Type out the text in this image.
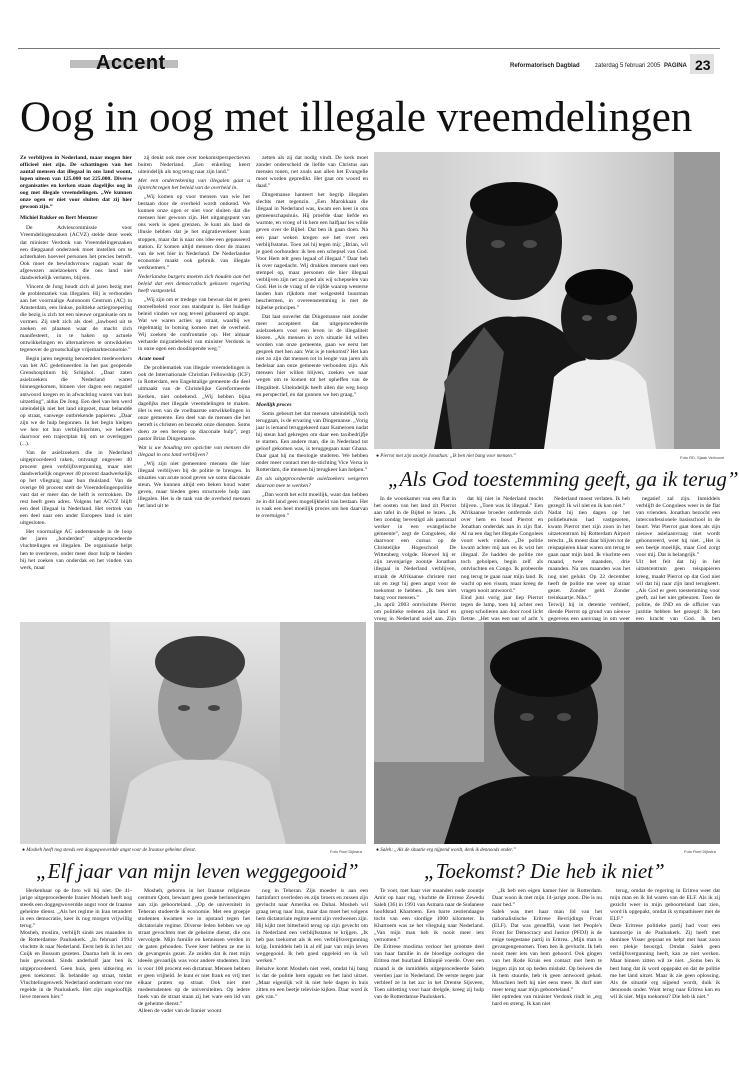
Accent	Reformatorisch Dagblad	zaterdag 5 februari 2005 PAGINA 23
Oog in oog met illegale vreemdelingen

Ze verblijven in Nederland, maar mogen hier officieel niet zijn. De schattingen van het aantal mensen dat illegaal in ons land woont, lopen uiteen van 125.000 tot 225.000. Diverse organisaties en kerken staan dagelijks oog in oog met illegale vreemdelingen. „We kunnen onze ogen er niet voor sluiten dat zij hier gewoon zijn.”

Michiel Bakker en Bert Mentzer

De Adviescommissie voor Vreemdelingenzaken (ACVZ) stelde deze week dat minister Verdonk van Vreemdelingenzaken een diepgaand onderzoek moet instellen om te achterhalen hoeveel personen het precies betreft. Ook moet de bewindsvrouw nagaan waar de afgewezen asielzoekers die ons land niet daadwerkelijk verlaten, blijven.

Vincent de Jong houdt zich al jaren bezig met de problematiek van illegalen. Hij is verbonden aan het voormalige Autonoom Centrum (AC) in Amsterdam, een linkse, politieke actiegroepering die bezig is zich tot een nieuwe organisatie om te vormen. Zij stelt zich als doel „lawboed uit te zoeken en plaatsen waar de macht zich manifesteert, in te haken op actuele ontwikkelingen en alternatieven te ontwikkelen tegenover de grootschalige vrijemarkteconomie.”

Begin jaren negentig benoemden medewerkers van het AC gedetineerden in het pas geopende Grenshospitium bij Schiphol. „Daar zaten asielzoekers die Nederland waren binnengekomen, binnen vier dagen een negatief antwoord kregen en in afwachting waren van hun uitzetting”, aldus De Jong. Een deel van hen werd uiteindelijk niet het land uitgezet, maar belandde op straat, vanwege ontbrekende papieren. „Daar zijn we de hulp begonnen. In het begin hielpen we hen tot hun verblijfsrechten, we hebben daarvoor een trajectplan bij om te overleggen (...).

Van de asielzoekers die in Nederland uitgeprocedeerd raken, ontvangt ongeveer 40 procent geen verblijfsvergunning, maar niet daadwerkelijk ongeveer 40 procent daadwerkelijk op het vliegtuig naar hun thuisland. Van de overige 60 procent stelt de Vreemdelingenpolitie vast dat er meer dan de helft is vertrokken. De rest heeft geen adres. Volgens het ACVZ blijft een deel illegaal in Nederland. Het vertrek van een deel naar een ander Europees land is niet uitgesloten.

Het voormalige AC ondersteunde in de loop der jaren „honderden” uitgeprocedeerde vluchtelingen en illegalen. De organisatie helpt hen te overleven, onder meer door hulp te bieden bij het zoeken van onderdak en het vinden van werk, maar

zij denkt ook mee over toekomstperspectieven buiten Nederland. „Een enkeling keert uiteindelijk als nog terug naar zijn land.”

Met een ondertekening van illegalen gaat u lijnrecht tegen het beleid van de overheid in.

„Wij komen op voor mensen van wie het bestaan door de overheid wordt ontkend. We kunnen onze ogen er niet voor sluiten dat die mensen hier gewoon zijn. Het uitgangspunt van ons werk is open grenzen. Je kunt als land de illusie hebben dat je het migratieverkeer kunt stoppen, maar dat is naar ons idee een gepasseerd station. Er komen altijd mensen door de mazen van de wet hier in Nederland. De Nederlandse economie maakt ook gebruik van illegale werknemers.”

Nederlandse burgers moeten zich houden aan het beleid dat een democratisch gekozen regering heeft vastgesteld.

„Wij zijn om er tredege van bewust dat er geen moreelbeleid voor ons standpunt is. Het huidige beleid vinden we nog teveel gebaseerd op angst. Wat we waren acties op straat, waarbij we regelmatig in botsing komen met de overheid. Wij zoeken de confrontatie op. Het almaar verharde migratiebeleid van minister Verdonk is in onze ogen een doodlopende weg.”

Acute nood

De problematiek van illegale vreemdelingen is ook de Internationale Christian Fellowship (ICF) in Rotterdam, een Engelstalige gemeente die deel uitmaakt van de Christelijke Gereformeerde Kerken, niet onbekend. „Wij hebben bijna dagelijks met illegale vreemdelingen te maken. Het is een van de voelbaarste ontwikkelingen in onze gemeente. Een deel van de mensen die het betreft is christen en bezoekt onze diensten. Soms doen ze een beroep op diaconale hulp”, zegt pastor Brian Dingemanse.

Wat is uw houding ten opzichte van mensen die illegaal in ons land verblijven?

„Wij zijn niet gemeenten mensen die hier illegaal verblijven bij de politie te brengen. In situaties van acute nood geven we soms diaconale steun. We kunnen altijd een beken koud water geven, maar bieden geen structurele hulp aan illegalen. Het is de taak van de overheid mensen het land uit te

zetten als zij dat nodig vindt. De kerk moet zonder onderscheid de liefde van Christus aan mensen tonen, net zoals aan allen het Evangelie moet worden gepredikt. Het gaat om woord en daad.”

Dingemanse hanteert het begrip illegalen slechts met tegenzin. „Een Marokkaan die illegaal in Nederland was, kwam een keer in ons gemeenschapshuis. Hij proefde daar liefde en warmte, en vroeg of ik hem een halfjaar les wilde geven over de Bijbel. Dat ben ik gaan doen. Na een paar weken kregen we het over een verblijfsstatus. Toen zei hij tegen mij: „Brian, wil je goed oorhouden: ik ben een schepsel van God. Voor Hem telt geen legaal of illegaal.” Daar heb ik over nagedacht. Wij drukken mensen snel een stempel op, maar personen die hier illegaal verblijven zijn net zo goed als wij schepselen van God. Het is de vraag of de vijfde waarop westerse landen hun rijkdom met welgesteld buurman beschermen, in overeenstemming is met de bijbelse principes.”

Dat laat onverlet dat Dingemanse niet zonder meer accepteert dat uitgeprocedeerde asielzoekers voor een leven in de illegaliteit kiezen. „Als mensen in zo'n situatie lid willen worden van onze gemeente, gaan we eerst het gesprek met hen aan: Wat is je toekomst? Het kan niet zo zijn dat mensen tot in lengte van jaren als bedelaar aan onze gemeente verbonden zijn. Als mensen hier willen blijven, zoeken we naar wegen om te komen tot het opheffen van de illegaliteit. Uiteindelijk heeft allen die weg hoop en perspectief, en dat gunnen we hen graag.”

Moeilijk proces

Soms gebeurt het dat mensen uiteindelijk toch teruggaan, is de ervaring van Dingemanse. „Vorig jaar is iemand teruggekeerd naar Kameroen nadat hij steun had gekregen om daar een taxibedrijfje te starten. Een andere man, die in Nederland tot geloof gekomen was, is teruggegaan naar Ghana. Daar gaat hij nu theologie studeren. We hebben onder meer contact met de stichting Vice Versa in Rotterdam, die mensen bij terugkeer kan helpen.”

En als uitgeprocedeerde asielzoekers weigeren daarvan mee te werken?

„Dan wordt het echt moeilijk, want dan hebben ze in dit land geen mogelijkheid van bestaan. Het is vaak een heel moeilijk proces om hen daarvan te overtuigen.”

● Pierrot met zijn zoontje Jonathan: „Ik ben niet bang voor mensen.”	Foto RD, Sjaak Verboom
„Als God toestemming geeft, ga ik terug”

In de woonkamer van een flat in het oosten van het land zit Pierrot aan tafel in de Bijbel te lezen. „Ik ben zondag bevestigd als pastoraal werker in een evangelische gemeente”, zegt de Congolees, die daarvoor een cursus op de Christelijke Hogeschool De Wittenberg volgde. Hoewel hij er zijn zevenjarige zoontje Jonathan illegaal in Nederland verblijven, straalt de Afrikaanse christen rust uit en zegt hij geen angst voor de toekomst te hebben. „Ik ben niet bang voor mensen.”
„In april 2003 ontvluchtte Pierrot om politieke redenen zijn land en vroeg in Nederland asiel aan. Zijn

dat hij niet in Nederland mocht blijven. „Toen was ik illegaal.” Een Afrikaanse broeder ontfermde zich over hem en bood Pierrot en Jonathan onderdak aan in zijn flat. Al na een dag het illegale Congolees voort werk vinden. „De politie kwam achter mij aan en ik wist het illegaal. Ze hadden de politie me toch geholpen, begin zelf als ontvluchten en Congo. Ik probeerde nog terug te gaan naar mijn land. Ik wacht op een visum, maar kreeg de vragen nooit antwoord.”
Eind juni vorig jaar liep Pierrot tegen de lamp, toen hij achter een groep scholieren aan door rood licht fietste. „Het was een uur of acht 's

Nederland moest verlaten. Ik heb gezegd: Ik wil niet en ik kan niet.”
Nadat hij tien dagen op het politiebureau had vastgezeten, kwam Pierrot met zijn zoon in het uitzetcentrum bij Rotterdam Airport terecht. „Ik moest daar blijven tot de reispapieren klaar waren om terug te gaan naar mijn land. Ik vluchtte een maand, twee maanden, drie maanden. Na zes maanden was het nog niet gelukt. Op 22 december heeft de politie me weer op straat gezet. Zonder geld. Zonder treinkaartje. Niks.”
Terwijl hij in detentie verbleef, diende Pierrot op grond van nieuwe gegevens een aanvraag in om weer

negatief zal zijn. Inmiddels verblijft de Congolees weer in de flat van vrienden. Jonathan bezocht een interconfessionele basisschool in de buurt. Wat Pierrot gaat doen als zijn nieuwe asielaanvraag niet wordt gehonoreerd, weet hij niet. „Het is een beetje moeilijk, maar God zorgt voor mij. Dat is belangrijk.”
Uit het feit dat hij in het uitzetcentrum geen reispapieren kreeg, maakt Pierrot op dat God niet wil dat hij naar zijn land terugkeert. „Als God er geen toestemming voor geeft, zal het niet gebeuren. Toen de politie, de IND en de officier van justitie hebben het gezegd: Ik ben een kracht van God. Ik ben

● Mosheh heeft nog steeds een doggegwoverdde angst voor de Iraanse geheime dienst.	Foto Roel Dijkstra	● Saleh: „Als de situatie erg nijpend wordt, denk ik dennoods onder.”	Foto Roel Dijkstra
„Elf jaar van mijn leven weggegooid”

Herkenbaar op de foto wil hij niet. De 41-jarige uitgeprocedeerde Iranier Mosheh heeft nog steeds een doggegwoverdde angst voor de Iraanse geheime dienst. „Als het regime in Iran terandert in een democratie, keer ik nog morgen vrijwillig terug.”
Mosheh, moslim, verblijft sinds zes maanden in de Rotterdamse Pauluskerk. „In februari 1994 vluchtte ik naar Nederland. Eerst heb ik in het azc Cuijk en Bussum gezeten. Daarna heb ik in een huis gewoond. Sinds anderhalf jaar ben ik uitgeprocedeerd. Geen huis, geen uitkering en geen toekomst. Ik belandde op straat, totdat Vluchtelingenwerk Nederland ondernam voor me regelde in de Pauluskerk. Het zijn ongelooflijk lieve mensen hier.”

Mosheh, geboren in het Iraanse religieuze centrum Qom, bewaart geen goede herinneringen aan zijn geboorteland. „Op de universiteit in Teheran studeerde ik economie. Met een groepje studenten kwamen we in opstand tegen het dictatoriale regime. Diverse leden hebben we op straat gevochten met de geheime dienst, die ons vervolgde. Mijn familie en kennissen werden in de gaten gehouden. Twee keer hebben ze me in de gevangenis gezet. Ze zeiden dat ik met mijn ideeën gevaarlijk was voor andere studenten. Iran is voor 100 procent een dictatuur. Mensen hebben er geen vrijheid. Je kunt er niet frank en vrij met elkaar praten op straat. Ook niet met medestudenten op de universiteiten. Op iedere hoek van de straat staan zij het ware een lid van de geheime dienst.”
Alleen de vader van de Iranier woont

nog in Teheran. Zijn moeder is aan een hartinfarct overleden en zijn broers en zussen zijn gevlucht naar Amerika en Dubai. Mosheh wil graag terug naar Iran, maar dan moet het volgens hem dictatoriale regime eerst zijn verdwenen zijn. Hij kijkt met bitterheid terug op zijn gevecht om in Nederland een verblijfsstatus te krijgen. „Ik heb pas toekomst als ik een verblijfsvergunning krijg. Inmiddels heb ik al elf jaar van mijn leven weggegooid. Ik heb goed opgeleid en ik wil werken.”
Behalve komt Mosheh niet veel, omdat hij bang is dat de politie hem oppakt en het land uitzet. „Maar eigenlijk wil ik niet hele dagen in huis zitten en een beetje televisie kijken. Daar word ik gek van.”

„Toekomst? Die heb ik niet”

Te voet, met haar vier maanden oude zoontje Amir op haar rug, vluchtte de Eritrese Zewedu Saleh (36) in 1991 van Asmara naar de Sudanese hoofdstad Khartoem. Een barre zestiendaagse tocht van een slordige 1000 kilometer. In Khartoem was ze het vliegtuig naar Nederland. „Van mijn man heb ik nooit meer iets vernomen.”
De Eritrese moslima verloor het grootste deel van haar familie in de bloedige oorlogen die Eritrea met buurland Ethiopië voerde. Over een maand is de inmiddels uitgeprocedeerde Saleh veertien jaar in Nederland. De eerste negen jaar verbleef ze in het azc in het Drentse Sijsveen, Toen uitletting voor haar dreigde, kreeg zij hulp van de Rotterdamse Pauluskerk.

„Ik heb een eigen kamer hier in Rotterdam. Daar woon ik met mijn 14-jarige zoon. Die is nu naar bed.”
Saleh was met haar man lid van het nationalistische Eritrese Bevrijdings Front (ELF). Dat was geraeffäl, want het People's Front for Democracy and Justice (PFDJ) is de enige toegestane partij in Eritrea. „Mijn man is gevangengenomen. Toen ben ik gevlucht. Ik heb nooit meer iets van hem gehoord. Ook gingen van het Rode Kruis een contact met hem te leggen zijn tot op heden mislukt. Op beiwen die ik hem stuurde, heb ik geen antwoord gehad. Misschien leeft hij niet eens meer. Ik durf niet meer terug naar mijn geboorteland.”
Het optreden van minister Verdonk rindt in „erg hard en streng. Ik kan niet

terug, omdat de regering in Eritrea weet dat mijn man en ik lid waren van de ELF. Als ik zij gezicht weer in mijn geboorteland laat zien, word ik opgepakt, omdat ik sympathiseer met de ELF.”
Deze Eritrese politieke partij had voor een kantoortje in de Pauluskerk. Zij heeft met dominee Visser gepraat en helpt met haar zoon een plekje beoorgd. Omdat Saleh geen verblijfsvergunning heeft, kan ze niet werken. Maar binnen zitten wil ze niet. „Soms ben ik best bang dat ik word opgepakt en dat de politie me het land uitzet. Maar ik zie geen oplossing. Als de situatie erg nijpend wordt, duik ik dennoods onder. Want terug naar Eritrea kan en wil ik niet. Mijn toekomst? Die heb ik niet.”
